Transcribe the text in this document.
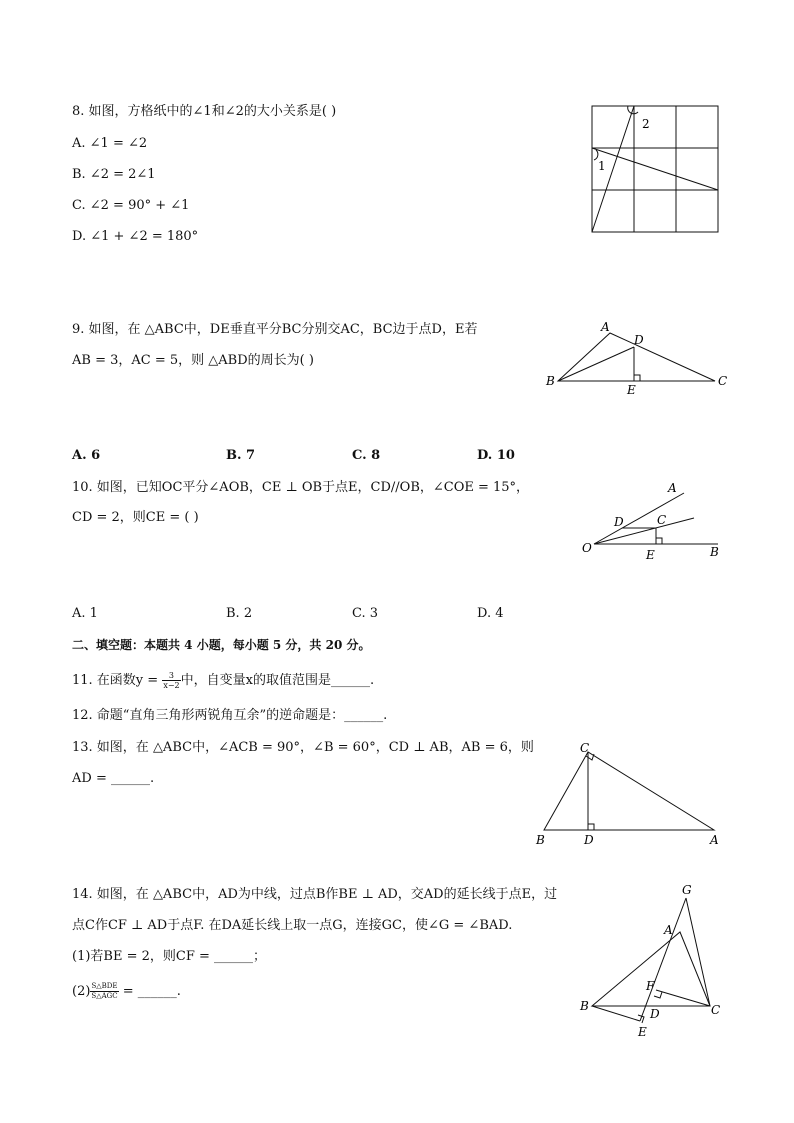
8. 如图，方格纸中的∠1和∠2的大小关系是( )
A. ∠1 = ∠2
B. ∠2 = 2∠1
C. ∠2 = 90° + ∠1
D. ∠1 + ∠2 = 180°
2
1
9. 如图，在 △ABC中，DE垂直平分BC分别交AC，BC边于点D，E若
AB = 3，AC = 5，则 △ABD的周长为( )
A
B	C
D
E
A. 6	B. 7	C. 8	D. 10
10. 如图，已知OC平分∠AOB，CE ⊥ OB于点E，CD//OB，∠COE = 15°，
CD = 2，则CE = ( )
A
B
C
D
E
O
A. 1	B. 2	C. 3	D. 4
二、填空题：本题共 4 小题，每小题 5 分，共 20 分。
11. 在函数$y = \frac{3}{x-2}$ 中，自变量x的取值范围是______.
12. 命题“直角三角形两锐角互余”的逆命题是：______.
13. 如图，在 △ABC中，∠ACB = 90°，∠B = 60°，CD ⊥ AB，AB = 6，则
AD = ______.
A
B
C
D
14. 如图，在 △ABC中，AD为中线，过点B作BE ⊥ AD，交AD的延长线于点E，过
点C作CF ⊥ AD于点F. 在DA延长线上取一点G，连接GC，使∠G = ∠BAD.
(1)若BE = 2，则CF = ______；
$(2) \frac{\text{S△BDE}}{\text{S△AGC}}$ = ______.
A
B	C
D
E
F
G
